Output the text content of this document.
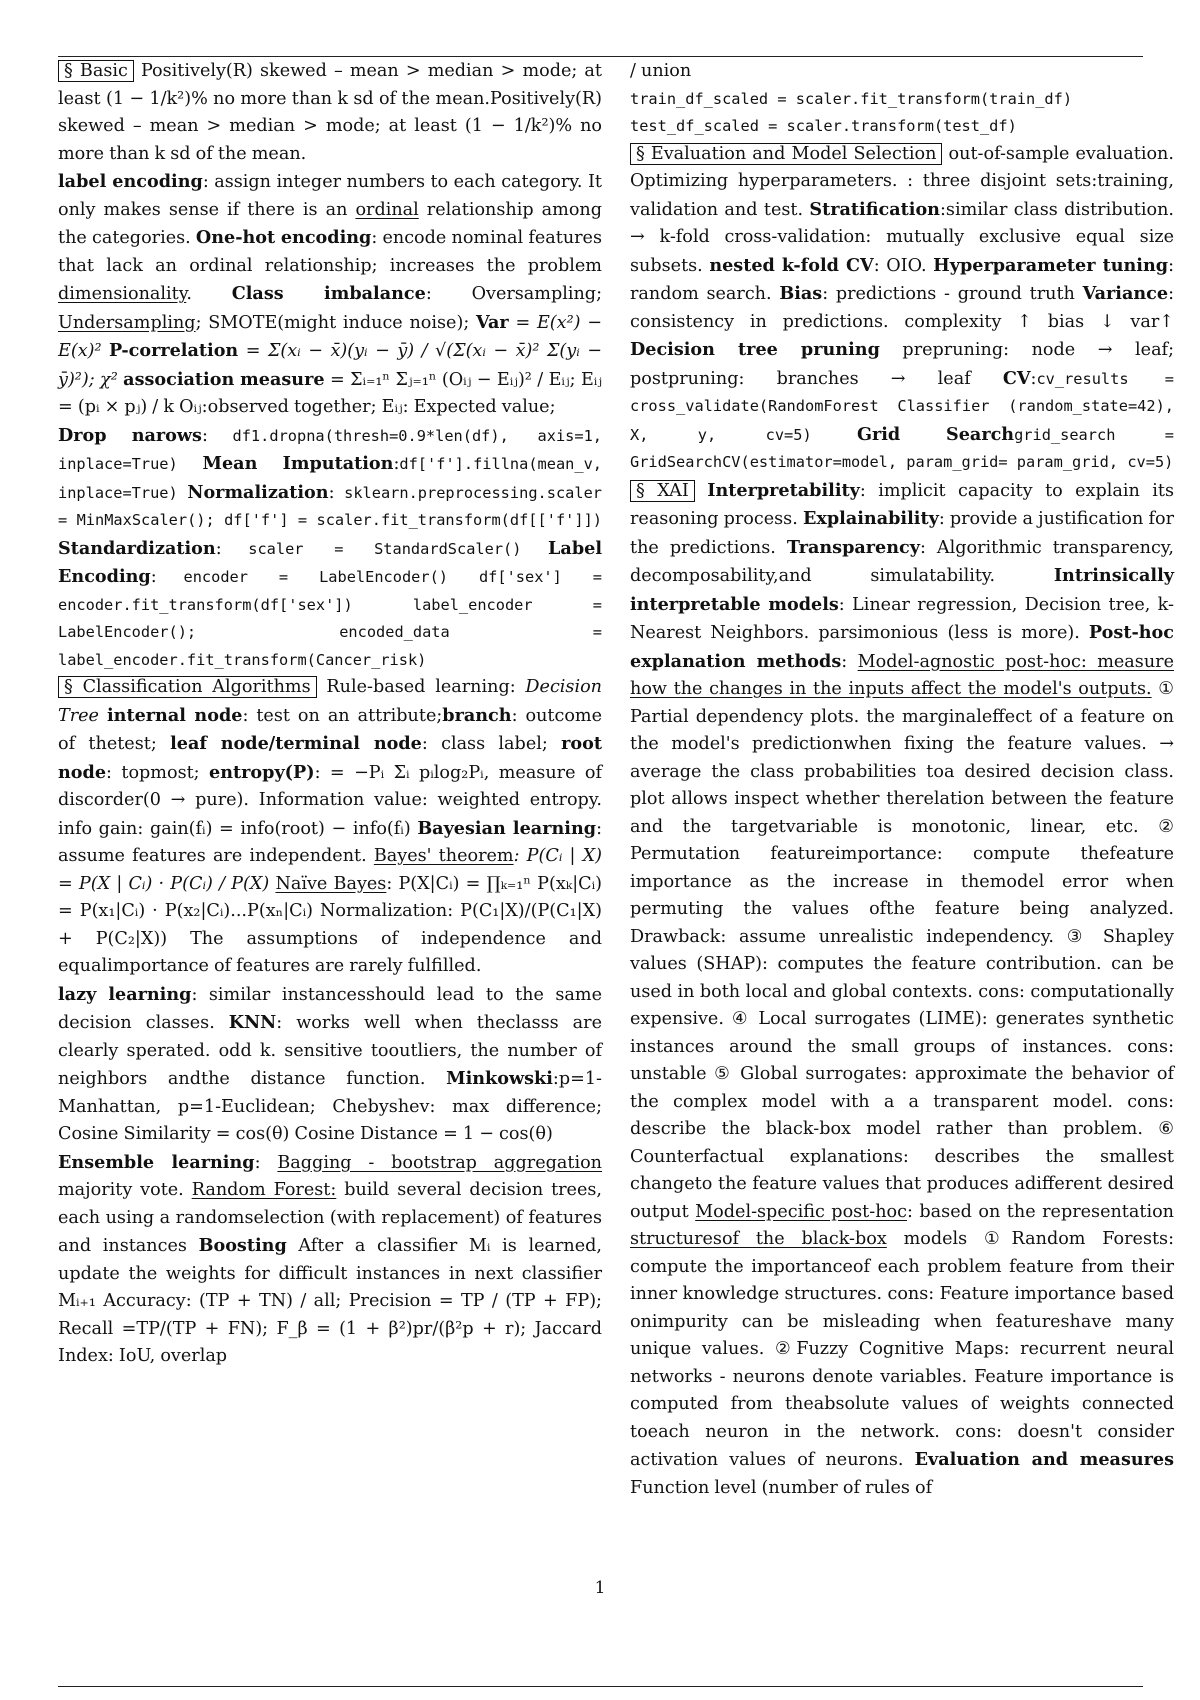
§ Basic Positively(R) skewed – mean > median > mode; at least (1 − 1/k²)% no more than k sd of the mean.Positively(R) skewed – mean > median > mode; at least (1 − 1/k²)% no more than k sd of the mean.
label encoding: assign integer numbers to each category. It only makes sense if there is an ordinal relationship among the categories. One-hot encoding: encode nominal features that lack an ordinal relationship; increases the problem dimensionality. Class imbalance: Oversampling; Undersampling; SMOTE(might induce noise); Var = E(x²) − E(x)² P-correlation = Σ(xᵢ − x̄)(yᵢ − ȳ) / √(Σ(xᵢ − x̄)² Σ(yᵢ − ȳ)²); χ² association measure = Σᵢ₌₁ⁿ Σⱼ₌₁ⁿ (Oᵢⱼ − Eᵢⱼ)² / Eᵢⱼ; Eᵢⱼ = (pᵢ × pⱼ) / k Oᵢⱼ:observed together; Eᵢⱼ: Expected value;
Drop narows: df1.dropna(thresh=0.9*len(df), axis=1, inplace=True) Mean Imputation:df['f'].fillna(mean_v, inplace=True) Normalization: sklearn.preprocessing.scaler = MinMaxScaler(); df['f'] = scaler.fit_transform(df[['f']]) Standardization: scaler = StandardScaler() Label Encoding: encoder = LabelEncoder() df['sex'] = encoder.fit_transform(df['sex']) label_encoder = LabelEncoder(); encoded_data = label_encoder.fit_transform(Cancer_risk)
§ Classification Algorithms Rule-based learning: Decision Tree internal node: test on an attribute;branch: outcome of thetest; leaf node/terminal node: class label; root node: topmost; entropy(P): = −Pᵢ Σᵢ pᵢlog₂Pᵢ, measure of discorder(0 → pure). Information value: weighted entropy. info gain: gain(fᵢ) = info(root) − info(fᵢ) Bayesian learning: assume features are independent. Bayes' theorem: P(Cᵢ | X) = P(X | Cᵢ) · P(Cᵢ) / P(X) Naïve Bayes: P(X|Cᵢ) = ∏ₖ₌₁ⁿ P(xₖ|Cᵢ) = P(x₁|Cᵢ) · P(x₂|Cᵢ)...P(xₙ|Cᵢ) Normalization: P(C₁|X)/(P(C₁|X) + P(C₂|X)) The assumptions of independence and equalimportance of features are rarely fulfilled.
lazy learning: similar instancesshould lead to the same decision classes. KNN: works well when theclasss are clearly sperated. odd k. sensitive tooutliers, the number of neighbors andthe distance function. Minkowski:p=1-Manhattan, p=1-Euclidean; Chebyshev: max difference; Cosine Similarity = cos(θ) Cosine Distance = 1 − cos(θ)
Ensemble learning: Bagging - bootstrap aggregation majority vote. Random Forest: build several decision trees, each using a randomselection (with replacement) of features and instances Boosting After a classifier Mᵢ is learned, update the weights for difficult instances in next classifier Mᵢ₊₁ Accuracy: (TP + TN) / all; Precision = TP / (TP + FP); Recall =TP/(TP + FN); F_β = (1 + β²)pr/(β²p + r); Jaccard Index: IoU, overlap

/ union
train_df_scaled = scaler.fit_transform(train_df)
test_df_scaled = scaler.transform(test_df)
§ Evaluation and Model Selection out-of-sample evaluation. Optimizing hyperparameters. : three disjoint sets:training, validation and test. Stratification:similar class distribution. → k-fold cross-validation: mutually exclusive equal size subsets. nested k-fold CV: OIO. Hyperparameter tuning: random search. Bias: predictions - ground truth Variance: consistency in predictions. complexity ↑ bias ↓ var↑ Decision tree pruning prepruning: node → leaf; postpruning: branches → leaf CV:cv_results = cross_validate(RandomForest Classifier (random_state=42), X, y, cv=5)	Grid Searchgrid_search = GridSearchCV(estimator=model, param_grid= param_grid, cv=5)
§ XAI Interpretability: implicit capacity to explain its reasoning process. Explainability: provide a justification for the predictions. Transparency: Algorithmic transparency, decomposability,and simulatability. Intrinsically interpretable models: Linear regression, Decision tree, k-Nearest Neighbors. parsimonious (less is more). Post-hoc explanation methods: Model-agnostic post-hoc: measure how the changes in the inputs affect the model's outputs. ① Partial dependency plots. the marginaleffect of a feature on the model's predictionwhen fixing the feature values. → average the class probabilities toa desired decision class. plot allows inspect whether therelation between the feature and the targetvariable is monotonic, linear, etc. ② Permutation featureimportance: compute thefeature importance as the increase in themodel error when permuting the values ofthe feature being analyzed. Drawback: assume unrealistic independency. ③ Shapley values (SHAP): computes the feature contribution. can be used in both local and global contexts. cons: computationally expensive. ④ Local surrogates (LIME): generates synthetic instances around the small groups of instances. cons: unstable ⑤ Global surrogates: approximate the behavior of the complex model with a a transparent model. cons: describe the black-box model rather than problem. ⑥ Counterfactual explanations: describes the smallest changeto the feature values that produces adifferent desired output Model-specific post-hoc: based on the representation structuresof the black-box models ①Random Forests: compute the importanceof each problem feature from their inner knowledge structures. cons: Feature importance based onimpurity can be misleading when featureshave many unique values. ②Fuzzy Cognitive Maps: recurrent neural networks - neurons denote variables. Feature importance is computed from theabsolute values of weights connected toeach neuron in the network. cons: doesn't consider activation values of neurons. Evaluation and measures Function level (number of rules of

1
